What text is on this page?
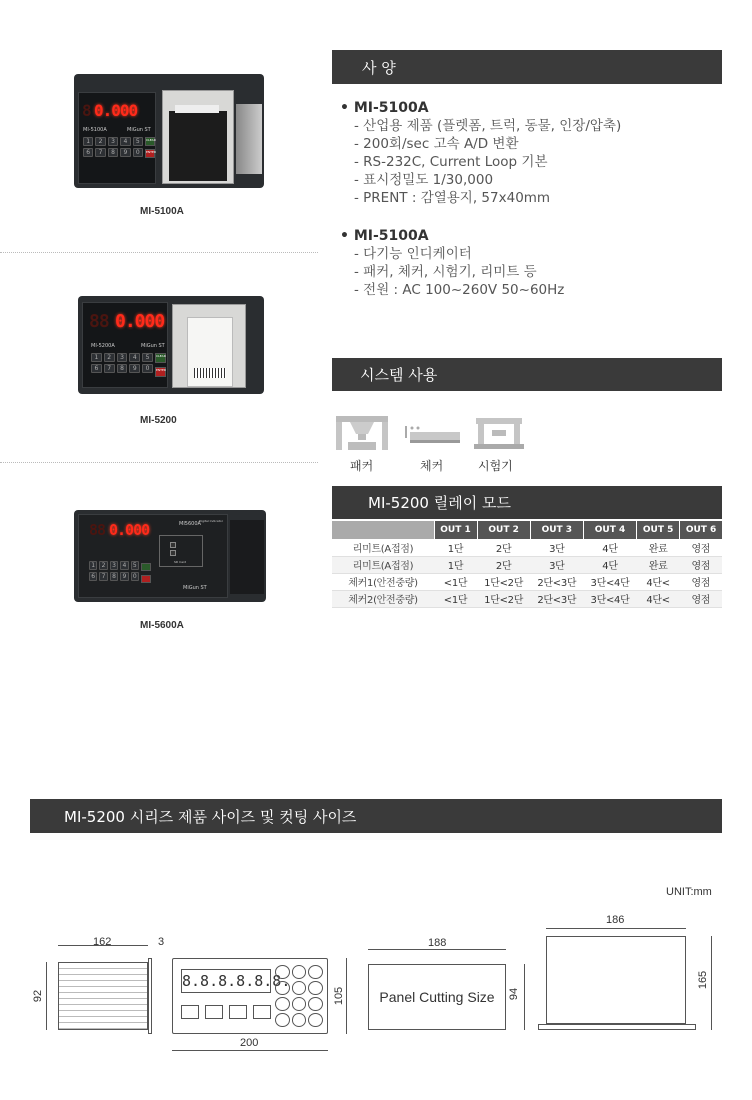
8 0.000
MI-5100A	MiGun ST
1	2	3	4	5
6	7	8	9	0
CLEAR
ENTER
MI-5100A
88 0.000
MI-5200A	MiGun ST
1	2	3	4	5
6	7	8	9	0
CLEAR
ENTER
MI-5200
88 0.000	MI5600A
Digital Indicator
SD Card
1	2	3	4	5
6	7	8	9	0
MiGun ST
MI-5600A
사 양
• MI-5100A
- 산업용 제품 (플렛폼, 트럭, 동물, 인장/압축)
- 200회/sec 고속 A/D 변환
- RS-232C, Current Loop 기본
- 표시정밀도 1/30,000
- PRENT : 감열용지, 57x40mm
• MI-5100A
- 다기능 인디케이터
- 패커, 체커, 시험기, 리미트 등
- 전원 : AC 100~260V 50~60Hz
시스템 사용
패커	체커	시험기
MI-5200 릴레이 모드
	OUT 1	OUT 2	OUT 3	OUT 4	OUT 5	OUT 6
리미트(A접점)	1단	2단	3단	4단	완료	영점
리미트(A접점)	1단	2단	3단	4단	완료	영점
체커1(안전중량)	<1단	1단<2단	2단<3단	3단<4단	4단<	영점
체커2(안전중량)	<1단	1단<2단	2단<3단	3단<4단	4단<	영점
MI-5200 시리즈 제품 사이즈 및 컷팅 사이즈
UNIT:mm
162	3
92
8.8.8.8.8.8.
200
105
188
Panel Cutting Size 94
186
165
